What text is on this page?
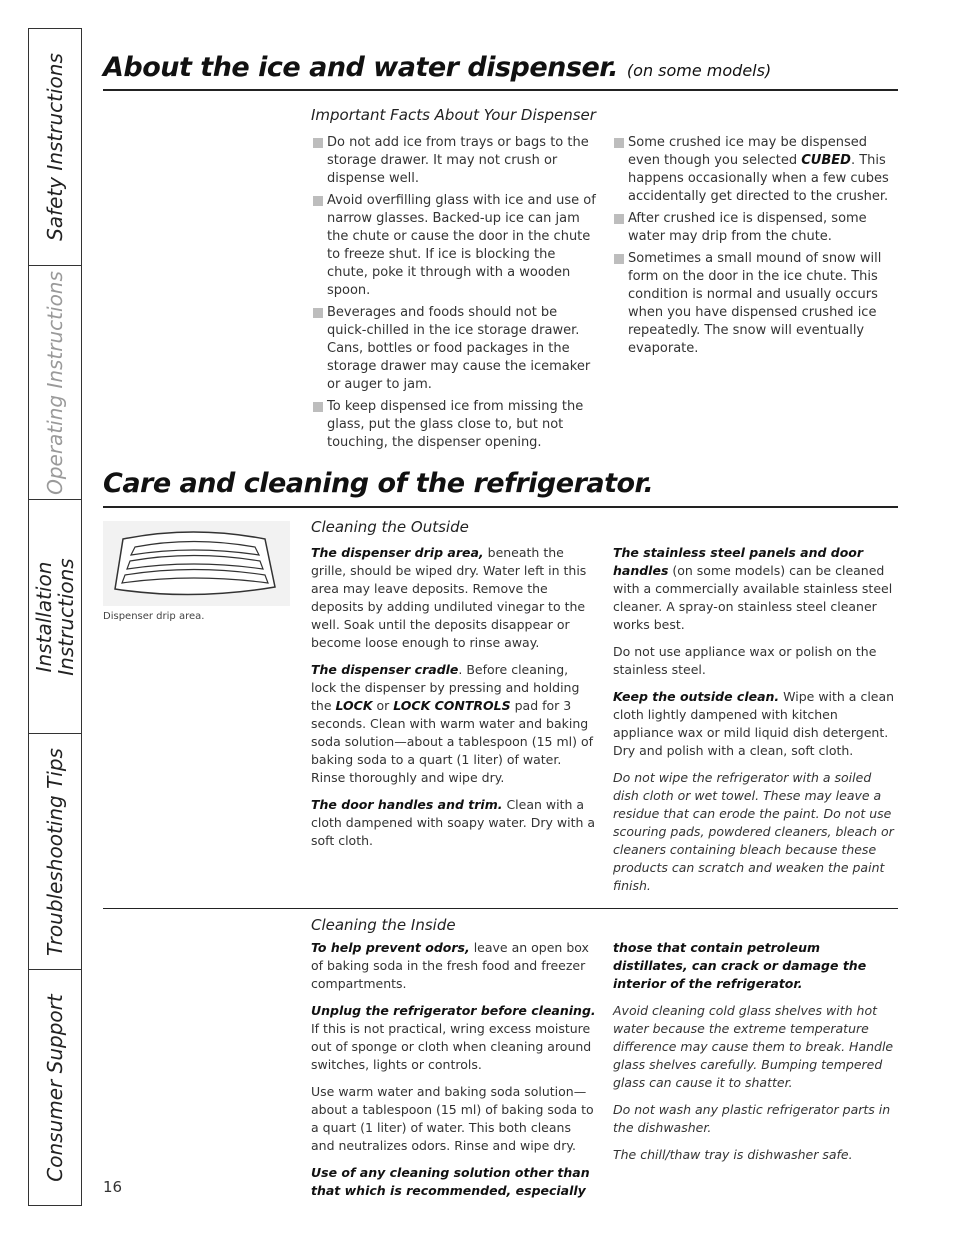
Safety Instructions
Operating Instructions
Installation Instructions
Troubleshooting Tips
Consumer Support
About the ice and water dispenser. (on some models)
Important Facts About Your Dispenser
Do not add ice from trays or bags to the storage drawer. It may not crush or dispense well.
Avoid overfilling glass with ice and use of narrow glasses. Backed-up ice can jam the chute or cause the door in the chute to freeze shut. If ice is blocking the chute, poke it through with a wooden spoon.
Beverages and foods should not be quick-chilled in the ice storage drawer. Cans, bottles or food packages in the storage drawer may cause the icemaker or auger to jam.
To keep dispensed ice from missing the glass, put the glass close to, but not touching, the dispenser opening.
Some crushed ice may be dispensed even though you selected CUBED. This happens occasionally when a few cubes accidentally get directed to the crusher.
After crushed ice is dispensed, some water may drip from the chute.
Sometimes a small mound of snow will form on the door in the ice chute. This condition is normal and usually occurs when you have dispensed crushed ice repeatedly. The snow will eventually evaporate.
Care and cleaning of the refrigerator.
Dispenser drip area.
Cleaning the Outside

The dispenser drip area, beneath the grille, should be wiped dry. Water left in this area may leave deposits. Remove the deposits by adding undiluted vinegar to the well. Soak until the deposits disappear or become loose enough to rinse away.

The dispenser cradle. Before cleaning, lock the dispenser by pressing and holding the LOCK or LOCK CONTROLS pad for 3 seconds. Clean with warm water and baking soda solution—about a tablespoon (15 ml) of baking soda to a quart (1 liter) of water. Rinse thoroughly and wipe dry.

The door handles and trim. Clean with a cloth dampened with soapy water. Dry with a soft cloth.

The stainless steel panels and door handles (on some models) can be cleaned with a commercially available stainless steel cleaner. A spray-on stainless steel cleaner works best.

Do not use appliance wax or polish on the stainless steel.

Keep the outside clean. Wipe with a clean cloth lightly dampened with kitchen appliance wax or mild liquid dish detergent. Dry and polish with a clean, soft cloth.

Do not wipe the refrigerator with a soiled dish cloth or wet towel. These may leave a residue that can erode the paint. Do not use scouring pads, powdered cleaners, bleach or cleaners containing bleach because these products can scratch and weaken the paint finish.

Cleaning the Inside

To help prevent odors, leave an open box of baking soda in the fresh food and freezer compartments.

Unplug the refrigerator before cleaning. If this is not practical, wring excess moisture out of sponge or cloth when cleaning around switches, lights or controls.

Use warm water and baking soda solution—about a tablespoon (15 ml) of baking soda to a quart (1 liter) of water. This both cleans and neutralizes odors. Rinse and wipe dry.

Use of any cleaning solution other than that which is recommended, especially

those that contain petroleum distillates, can crack or damage the interior of the refrigerator.

Avoid cleaning cold glass shelves with hot water because the extreme temperature difference may cause them to break. Handle glass shelves carefully. Bumping tempered glass can cause it to shatter.

Do not wash any plastic refrigerator parts in the dishwasher.

The chill/thaw tray is dishwasher safe.

16
